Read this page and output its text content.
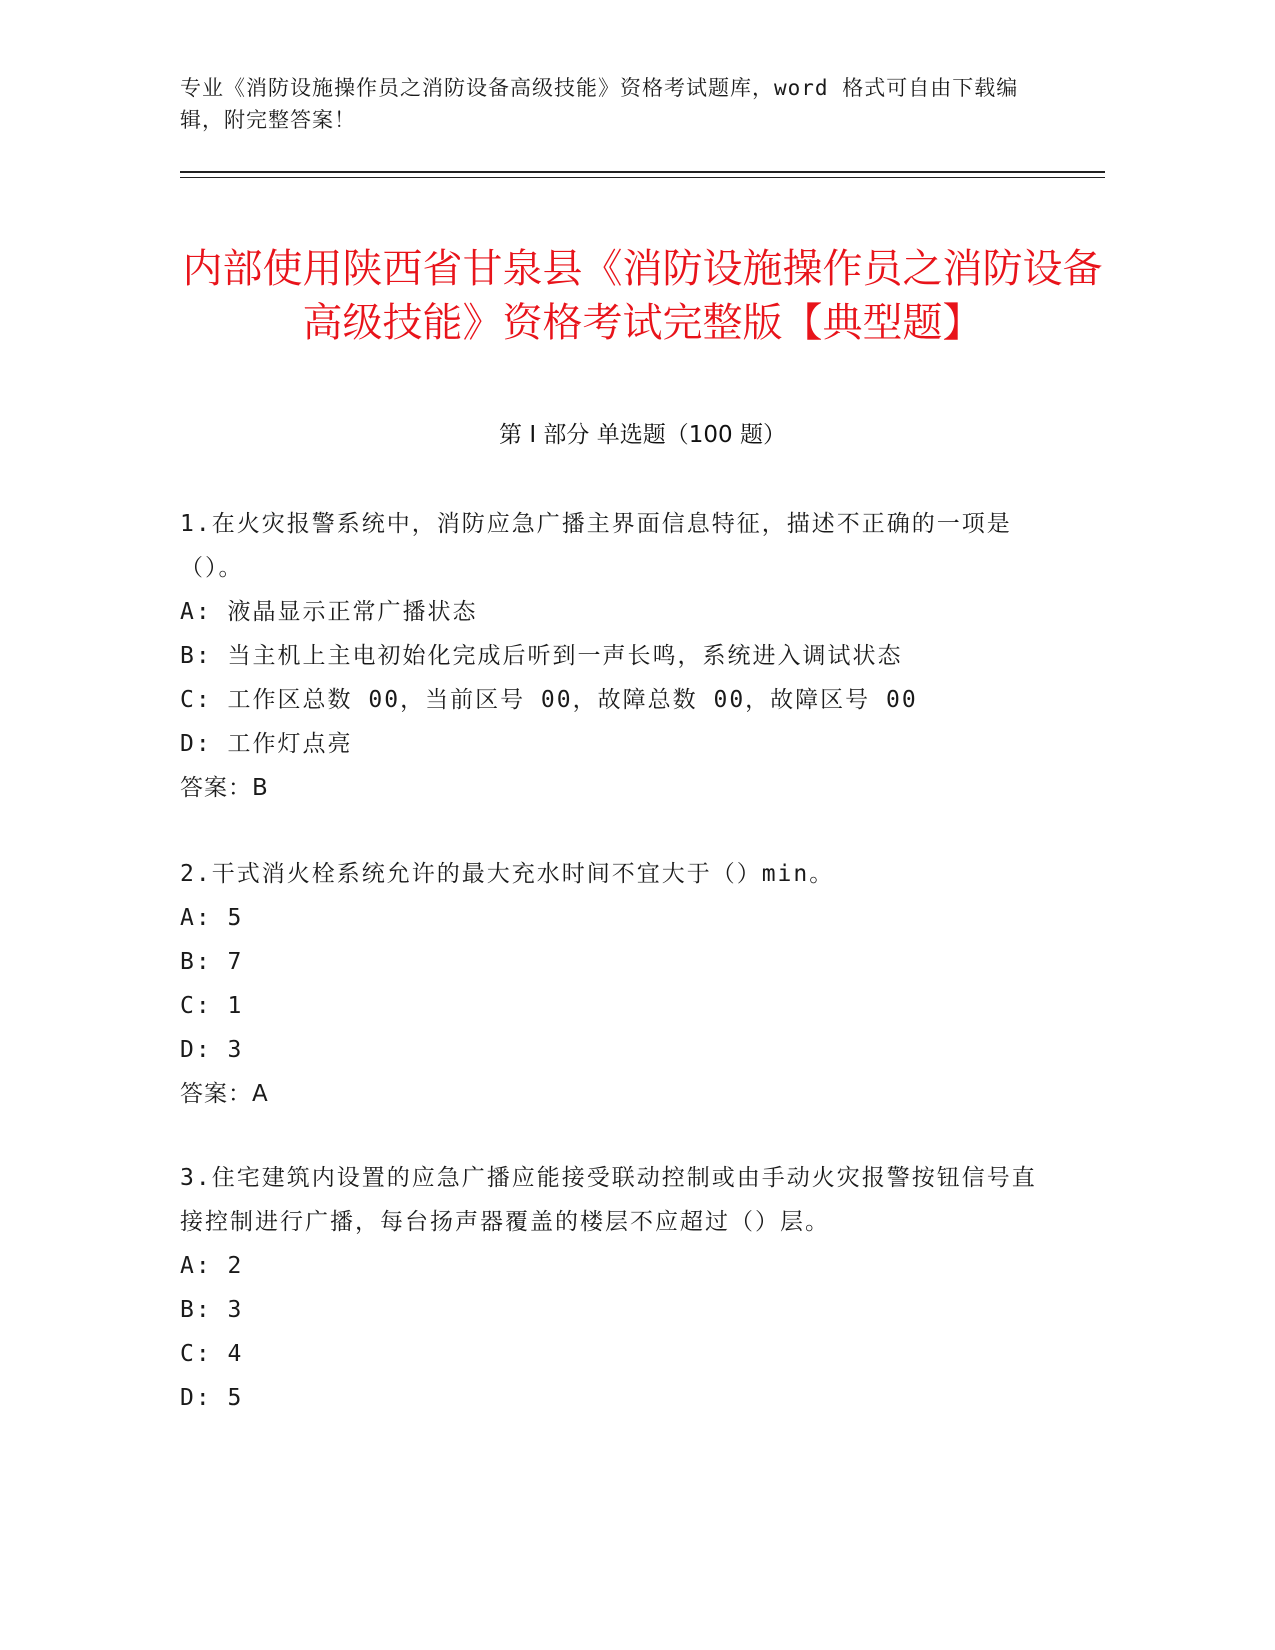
专业《消防设施操作员之消防设备高级技能》资格考试题库，word 格式可自由下载编辑，附完整答案！
内部使用陕西省甘泉县《消防设施操作员之消防设备高级技能》资格考试完整版【典型题】
第 I 部分 单选题（100 题）

1.在火灾报警系统中，消防应急广播主界面信息特征，描述不正确的一项是（）。

A: 液晶显示正常广播状态

B: 当主机上主电初始化完成后听到一声长鸣，系统进入调试状态

C: 工作区总数 00，当前区号 00，故障总数 00，故障区号 00

D: 工作灯点亮

答案：B

2.干式消火栓系统允许的最大充水时间不宜大于（）min。

A: 5

B: 7

C: 1

D: 3

答案：A

3.住宅建筑内设置的应急广播应能接受联动控制或由手动火灾报警按钮信号直接控制进行广播，每台扬声器覆盖的楼层不应超过（）层。

A: 2

B: 3

C: 4

D: 5
